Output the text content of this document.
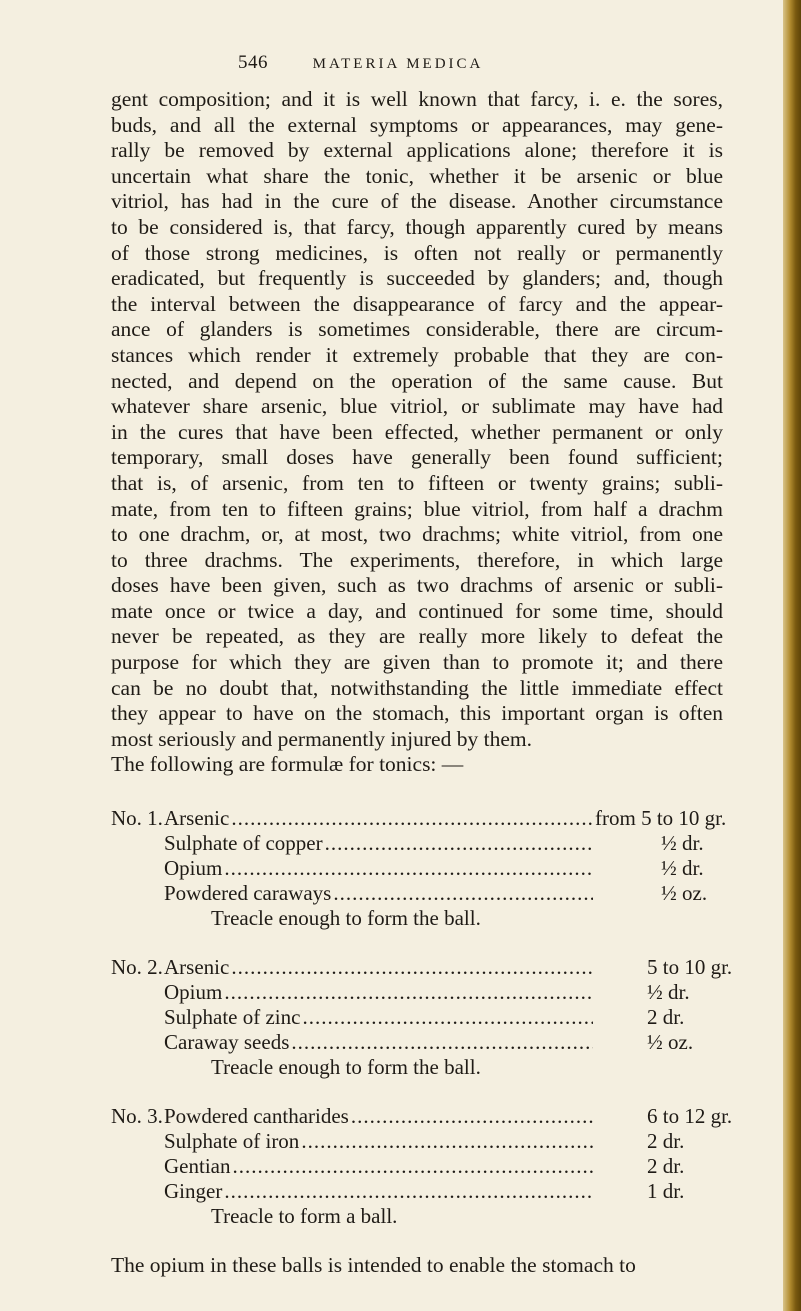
546	MATERIA MEDICA

gent composition; and it is well known that farcy, i. e. the sores,
buds, and all the external symptoms or appearances, may gene-
rally be removed by external applications alone; therefore it is
uncertain what share the tonic, whether it be arsenic or blue
vitriol, has had in the cure of the disease. Another circumstance
to be considered is, that farcy, though apparently cured by means
of those strong medicines, is often not really or permanently
eradicated, but frequently is succeeded by glanders; and, though
the interval between the disappearance of farcy and the appear-
ance of glanders is sometimes considerable, there are circum-
stances which render it extremely probable that they are con-
nected, and depend on the operation of the same cause. But
whatever share arsenic, blue vitriol, or sublimate may have had
in the cures that have been effected, whether permanent or only
temporary, small doses have generally been found sufficient;
that is, of arsenic, from ten to fifteen or twenty grains; subli-
mate, from ten to fifteen grains; blue vitriol, from half a drachm
to one drachm, or, at most, two drachms; white vitriol, from one
to three drachms. The experiments, therefore, in which large
doses have been given, such as two drachms of arsenic or subli-
mate once or twice a day, and continued for some time, should
never be repeated, as they are really more likely to defeat the
purpose for which they are given than to promote it; and there
can be no doubt that, notwithstanding the little immediate effect
they appear to have on the stomach, this important organ is often
most seriously and permanently injured by them.
The following are formulæ for tonics: —

No. 1. Arsenic .....	from 5 to 10 gr.
Sulphate of copper .....	½ dr.
Opium .....	½ dr.
Powdered caraways .....	½ oz.
Treacle enough to form the ball.
No. 2. Arsenic .....	5 to 10 gr.
Opium .....	½ dr.
Sulphate of zinc .....	2 dr.
Caraway seeds .....	½ oz.
Treacle enough to form the ball.
No. 3. Powdered cantharides .....	6 to 12 gr.
Sulphate of iron .....	2 dr.
Gentian .....	2 dr.
Ginger .....	1 dr.
Treacle to form a ball.

The opium in these balls is intended to enable the stomach to
